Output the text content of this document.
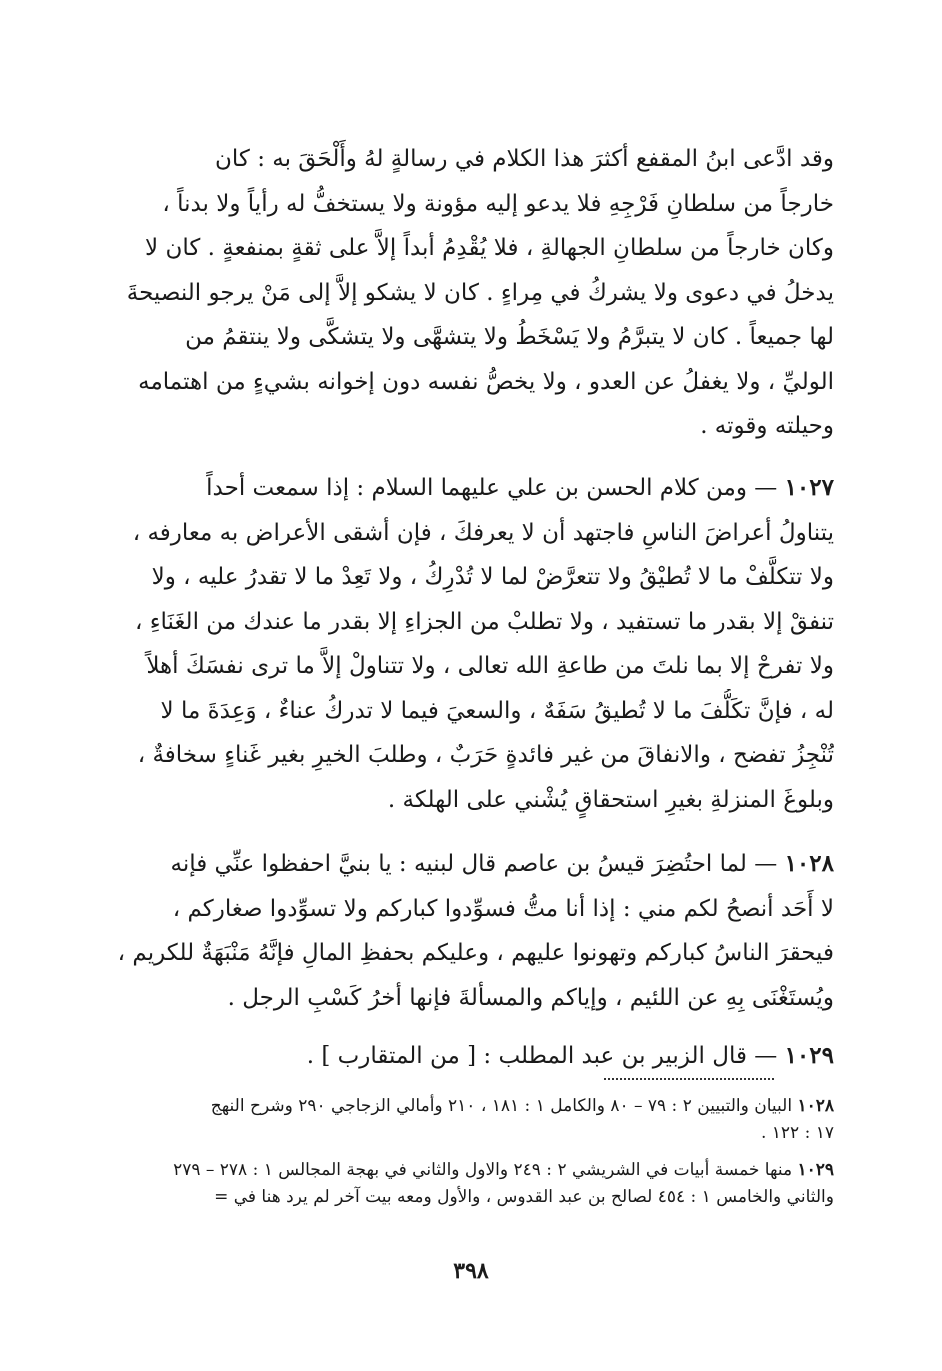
وقد ادَّعى ابنُ المقفع أكثرَ هذا الكلام في رسالةٍ لهُ وأَلْحَقَ به : كان
خارجاً من سلطانِ فَرْجِهِ فلا يدعو إليه مؤونة ولا يستخفُّ له رأياً ولا بدناً ،
وكان خارجاً من سلطانِ الجهالةِ ، فلا يُقْدِمُ أبداً إلاَّ على ثقةٍ بمنفعةٍ . كان لا
يدخلُ في دعوى ولا يشركُ في مِراءٍ . كان لا يشكو إلاَّ إلى مَنْ يرجو النصيحةَ
لها جميعاً . كان لا يتبرَّمُ ولا يَسْخَطُ ولا يتشهَّى ولا يتشكَّى ولا ينتقمُ من
الوليِّ ، ولا يغفلُ عن العدو ، ولا يخصُّ نفسه دون إخوانه بشيءٍ من اهتمامه
وحيلته وقوته .
١٠٢٧ — ومن كلام الحسن بن علي عليهما السلام : إذا سمعت أحداً
يتناولُ أعراضَ الناسِ فاجتهد أن لا يعرفكَ ، فإن أشقى الأعراض به معارفه ،
ولا تتكلَّفْ ما لا تُطيْقُ ولا تتعرَّضْ لما لا تُدْرِكُ ، ولا تَعِدْ ما لا تقدرُ عليه ، ولا
تنفقْ إلا بقدر ما تستفيد ، ولا تطلبْ من الجزاءِ إلا بقدر ما عندك من الغَنَاءِ ،
ولا تفرحْ إلا بما نلتَ من طاعةِ الله تعالى ، ولا تتناولْ إلاَّ ما ترى نفسَكَ أهلاً
له ، فإنَّ تكَلُّفَ ما لا تُطيقُ سَفَهٌ ، والسعيَ فيما لا تدركُ عناءٌ ، وَعِدَةَ ما لا
تُنْجِزُ تفضح ، والانفاقَ من غير فائدةٍ حَرَبٌ ، وطلبَ الخيرِ بغير غَناءٍ سخافةٌ ،
وبلوغَ المنزلةِ بغيرِ استحقاقٍ يُشْني على الهلكة .
١٠٢٨ — لما احتُضِرَ قيسُ بن عاصم قال لبنيه : يا بنيَّ احفظوا عنِّي فإنه
لا أَحَد أنصحُ لكم مني : إذا أنا متُّ فسوِّدوا كباركم ولا تسوِّدوا صغاركم ،
فيحقرَ الناسُ كباركم وتهونوا عليهم ، وعليكم بحفظِ المالِ فإنَّهُ مَنْبَهَةٌ للكريم ،
ويُستَغْنَى بِهِ عن اللئيم ، وإياكم والمسألةَ فإنها أخرُ كَسْبِ الرجل .
١٠٢٩ — قال الزبير بن عبد المطلب : [ من المتقارب ] .
١٠٢٨ البيان والتبيين ٢ : ٧٩ – ٨٠ والكامل ١ : ١٨١ ، ٢١٠ وأمالي الزجاجي ٢٩٠ وشرح النهج
١٧ : ١٢٢ .
١٠٢٩ منها خمسة أبيات في الشريشي ٢ : ٢٤٩ والاول والثاني في بهجة المجالس ١ : ٢٧٨ – ٢٧٩
والثاني والخامس ١ : ٤٥٤ لصالح بن عبد القدوس ، والأول ومعه بيت آخر لم يرد هنا في =
٣٩٨
